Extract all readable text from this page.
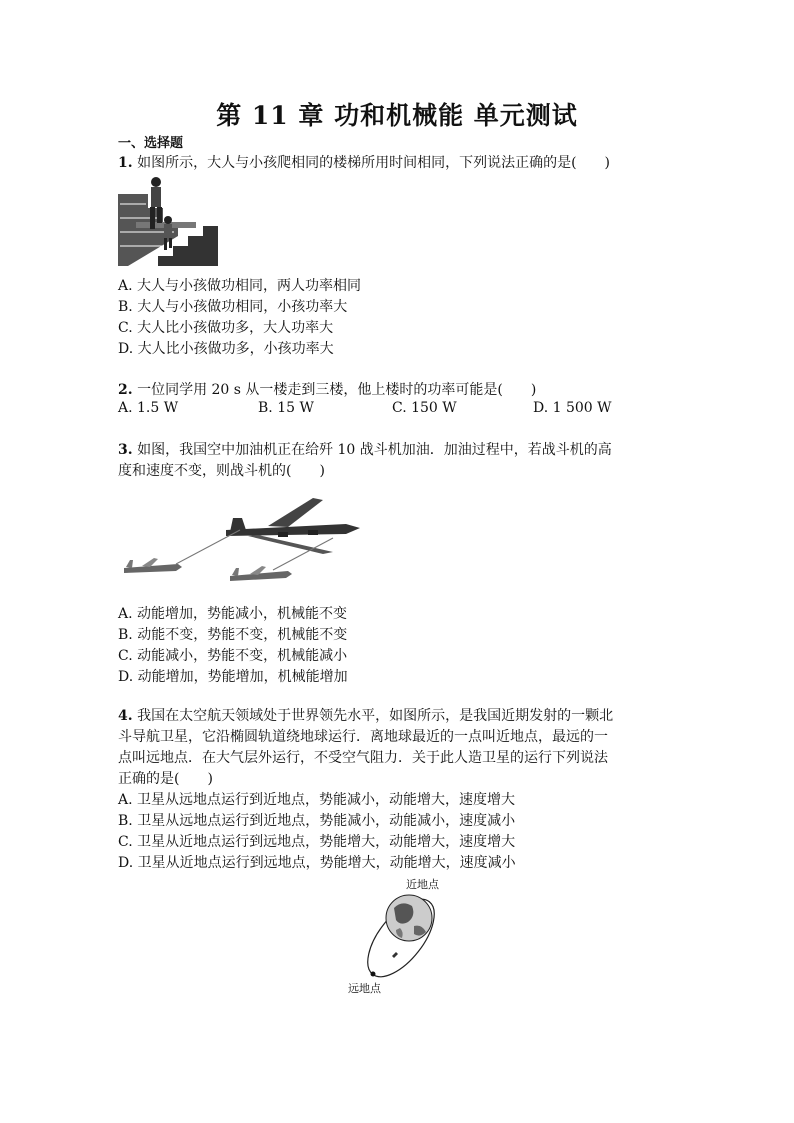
第 11 章 功和机械能 单元测试
一、选择题
1. 如图所示，大人与小孩爬相同的楼梯所用时间相同，下列说法正确的是(　　)
A. 大人与小孩做功相同，两人功率相同
B. 大人与小孩做功相同，小孩功率大
C. 大人比小孩做功多，大人功率大
D. 大人比小孩做功多，小孩功率大
2. 一位同学用 20 s 从一楼走到三楼，他上楼时的功率可能是(　　)
A. 1.5 W	B. 15 W	C. 150 W	D. 1 500 W
3. 如图，我国空中加油机正在给歼 10 战斗机加油．加油过程中，若战斗机的高
度和速度不变，则战斗机的(　　)
A. 动能增加，势能减小，机械能不变
B. 动能不变，势能不变，机械能不变
C. 动能减小，势能不变，机械能减小
D. 动能增加，势能增加，机械能增加
4. 我国在太空航天领域处于世界领先水平，如图所示，是我国近期发射的一颗北
斗导航卫星，它沿椭圆轨道绕地球运行．离地球最近的一点叫近地点，最远的一
点叫远地点．在大气层外运行，不受空气阻力．关于此人造卫星的运行下列说法
正确的是(　　)
A. 卫星从远地点运行到近地点，势能减小，动能增大，速度增大
B. 卫星从远地点运行到近地点，势能减小，动能减小，速度减小
C. 卫星从近地点运行到远地点，势能增大，动能增大，速度增大
D. 卫星从近地点运行到远地点，势能增大，动能增大，速度减小
近地点
远地点
